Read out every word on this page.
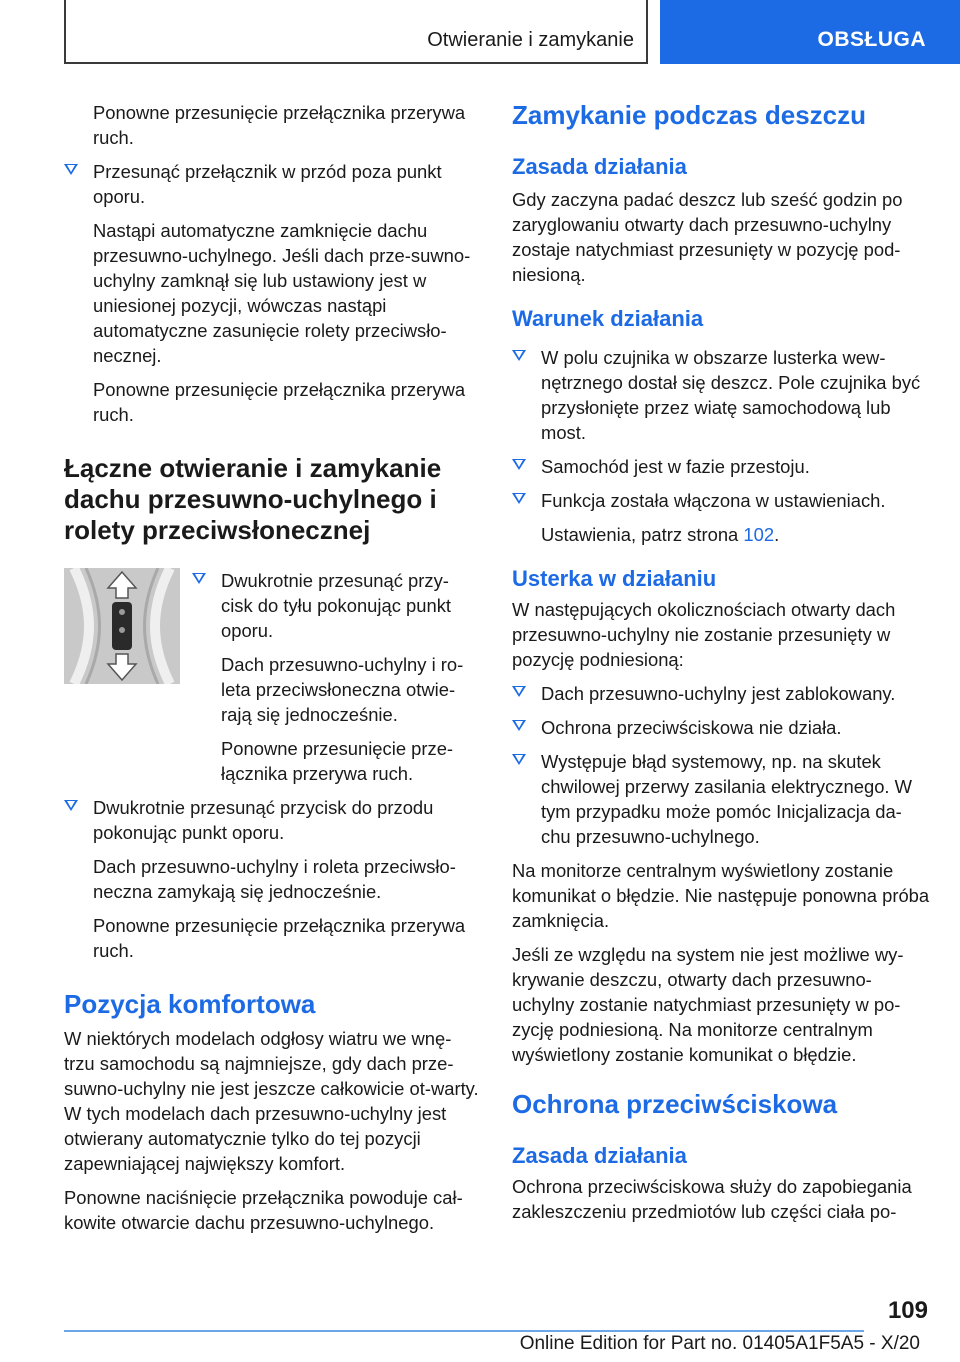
Otwieranie i zamykanie	OBSŁUGA

Ponowne przesunięcie przełącznika przerywa ruch.

Przesunąć przełącznik w przód poza punkt oporu.

Nastąpi automatyczne zamknięcie dachu przesuwno-uchylnego. Jeśli dach prze-suwno-uchylny zamknął się lub ustawiony jest w uniesionej pozycji, wówczas nastąpi automatyczne zasunięcie rolety przeciwsło-necznej.

Ponowne przesunięcie przełącznika przerywa ruch.

Łączne otwieranie i zamykanie dachu przesuwno-uchylnego i rolety przeciwsłonecznej
Dwukrotnie przesunąć przy-cisk do tyłu pokonując punkt oporu.

Dach przesuwno-uchylny i ro-leta przeciwsłoneczna otwie-rają się jednocześnie.

Ponowne przesunięcie prze-łącznika przerywa ruch.

Dwukrotnie przesunąć przycisk do przodu pokonując punkt oporu.

Dach przesuwno-uchylny i roleta przeciwsło-neczna zamykają się jednocześnie.

Ponowne przesunięcie przełącznika przerywa ruch.

Pozycja komfortowa

W niektórych modelach odgłosy wiatru we wnę-trzu samochodu są najmniejsze, gdy dach prze-suwno-uchylny nie jest jeszcze całkowicie ot-warty. W tych modelach dach przesuwno-uchylny jest otwierany automatycznie tylko do tej pozycji zapewniającej największy komfort.

Ponowne naciśnięcie przełącznika powoduje cał-kowite otwarcie dachu przesuwno-uchylnego.

Zamykanie podczas deszczu
Zasada działania

Gdy zaczyna padać deszcz lub sześć godzin po zaryglowaniu otwarty dach przesuwno-uchylny zostaje natychmiast przesunięty w pozycję pod-niesioną.

Warunek działania
W polu czujnika w obszarze lusterka wew-nętrznego dostał się deszcz. Pole czujnika być przysłonięte przez wiatę samochodową lub most.
Samochód jest w fazie przestoju.
Funkcja została włączona w ustawieniach.

Ustawienia, patrz strona 102.

Usterka w działaniu

W następujących okolicznościach otwarty dach przesuwno-uchylny nie zostanie przesunięty w pozycję podniesioną:

Dach przesuwno-uchylny jest zablokowany.
Ochrona przeciwściskowa nie działa.
Występuje błąd systemowy, np. na skutek chwilowej przerwy zasilania elektrycznego. W tym przypadku może pomóc Inicjalizacja da-chu przesuwno-uchylnego.

Na monitorze centralnym wyświetlony zostanie komunikat o błędzie. Nie następuje ponowna próba zamknięcia.

Jeśli ze względu na system nie jest możliwe wy-krywanie deszczu, otwarty dach przesuwno-uchylny zostanie natychmiast przesunięty w po-zycję podniesioną. Na monitorze centralnym wyświetlony zostanie komunikat o błędzie.

Ochrona przeciwściskowa
Zasada działania

Ochrona przeciwściskowa służy do zapobiegania zakleszczeniu przedmiotów lub części ciała po-

109
Online Edition for Part no. 01405A1F5A5 - X/20
